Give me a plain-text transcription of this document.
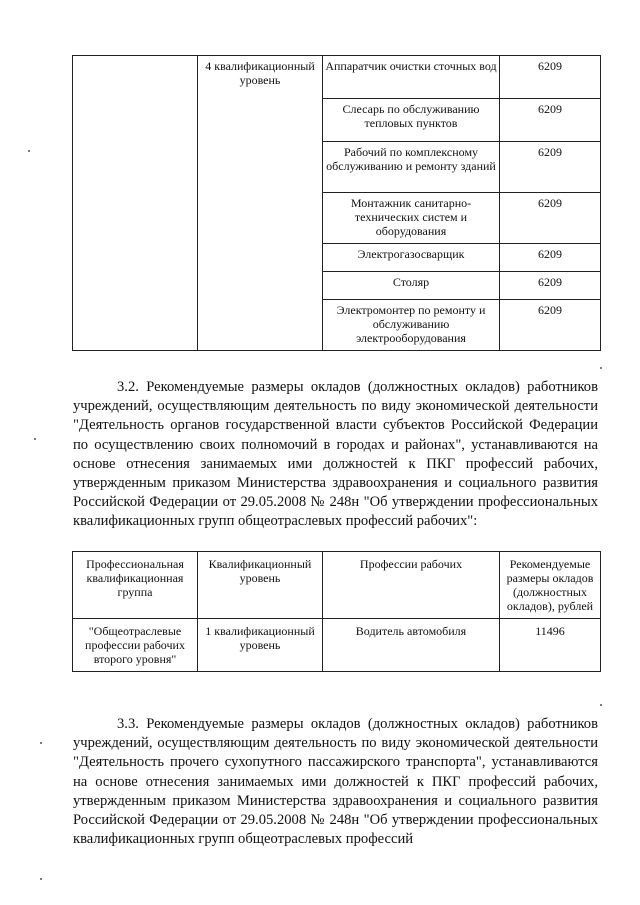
	4 квалификационный уровень	Аппаратчик очистки сточных вод	6209
		Слесарь по обслуживанию тепловых пунктов	6209
		Рабочий по комплексному обслуживанию и ремонту зданий	6209
		Монтажник санитарно-технических систем и оборудования	6209
		Электрогазосварщик	6209
		Столяр	6209
		Электромонтер по ремонту и обслуживанию электрооборудования	6209

3.2. Рекомендуемые размеры окладов (должностных окладов) работников учреждений, осуществляющим деятельность по виду экономической деятельности "Деятельность органов государственной власти субъектов Российской Федерации по осуществлению своих полномочий в городах и районах", устанавливаются на основе отнесения занимаемых ими должностей к ПКГ профессий рабочих, утвержденным приказом Министерства здравоохранения и социального развития Российской Федерации от 29.05.2008 № 248н "Об утверждении профессиональных квалификационных групп общеотраслевых профессий рабочих":

Профессиональная квалификационная группа	Квалификационный уровень	Профессии рабочих	Рекомендуемые размеры окладов (должностных окладов), рублей
"Общеотраслевые профессии рабочих второго уровня"	1 квалификационный уровень	Водитель автомобиля	11496

3.3. Рекомендуемые размеры окладов (должностных окладов) работников учреждений, осуществляющим деятельность по виду экономической деятельности "Деятельность прочего сухопутного пассажирского транспорта", устанавливаются на основе отнесения занимаемых ими должностей к ПКГ профессий рабочих, утвержденным приказом Министерства здравоохранения и социального развития Российской Федерации от 29.05.2008 № 248н "Об утверждении профессиональных квалификационных групп общеотраслевых профессий
